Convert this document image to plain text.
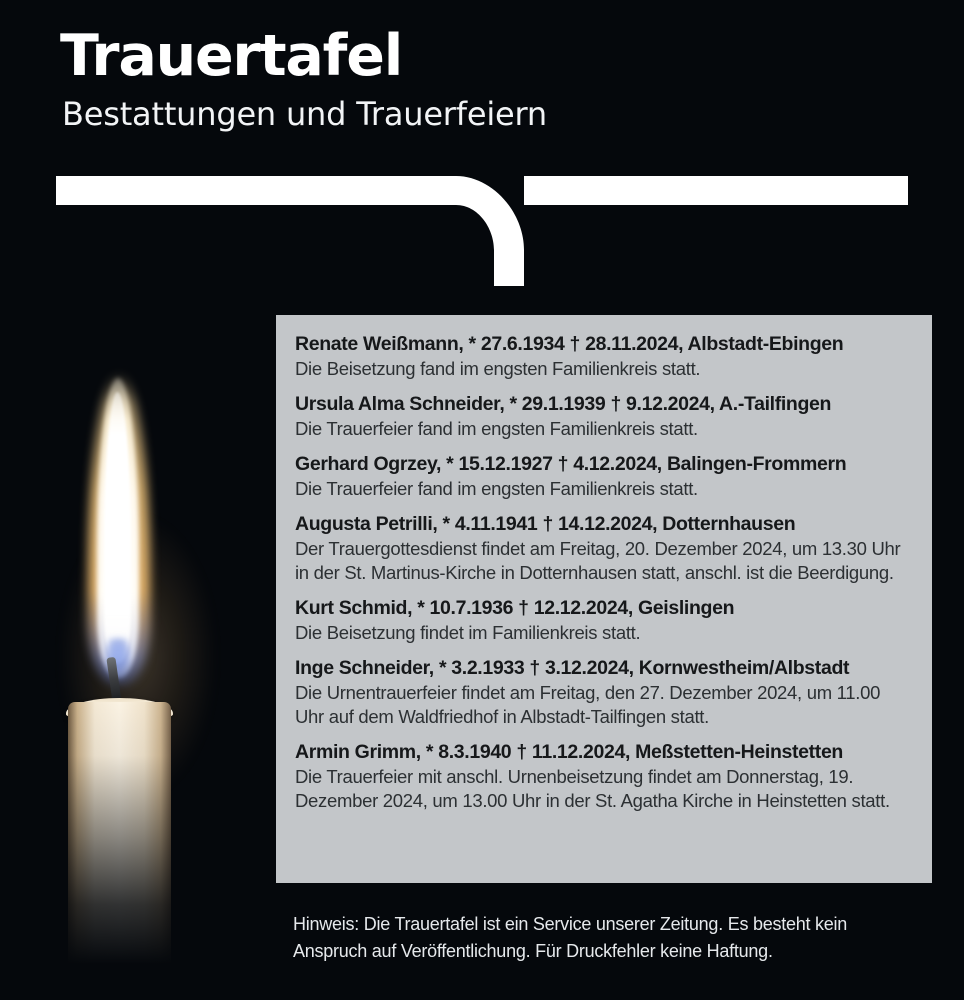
Trauertafel
Bestattungen und Trauerfeiern
Renate Weißmann, * 27.6.1934 † 28.11.2024, Albstadt-Ebingen
Die Beisetzung fand im engsten Familienkreis statt.
Ursula Alma Schneider, * 29.1.1939 † 9.12.2024, A.-Tailfingen
Die Trauerfeier fand im engsten Familienkreis statt.
Gerhard Ogrzey, * 15.12.1927 † 4.12.2024, Balingen-Frommern
Die Trauerfeier fand im engsten Familienkreis statt.
Augusta Petrilli, * 4.11.1941 † 14.12.2024, Dotternhausen
Der Trauergottesdienst findet am Freitag, 20. Dezember 2024, um 13.30 Uhr in der St. Martinus-Kirche in Dotternhausen statt, anschl. ist die Beerdigung.
Kurt Schmid, * 10.7.1936 † 12.12.2024, Geislingen
Die Beisetzung findet im Familienkreis statt.
Inge Schneider, * 3.2.1933 † 3.12.2024, Kornwestheim/Albstadt
Die Urnentrauerfeier findet am Freitag, den 27. Dezember 2024, um 11.00 Uhr auf dem Waldfriedhof in Albstadt-Tailfingen statt.
Armin Grimm, * 8.3.1940 † 11.12.2024, Meßstetten-Heinstetten
Die Trauerfeier mit anschl. Urnenbeisetzung findet am Donnerstag, 19. Dezember 2024, um 13.00 Uhr in der St. Agatha Kirche in Heinstetten statt.
Hinweis: Die Trauertafel ist ein Service unserer Zeitung. Es besteht kein Anspruch auf Veröffentlichung. Für Druckfehler keine Haftung.
